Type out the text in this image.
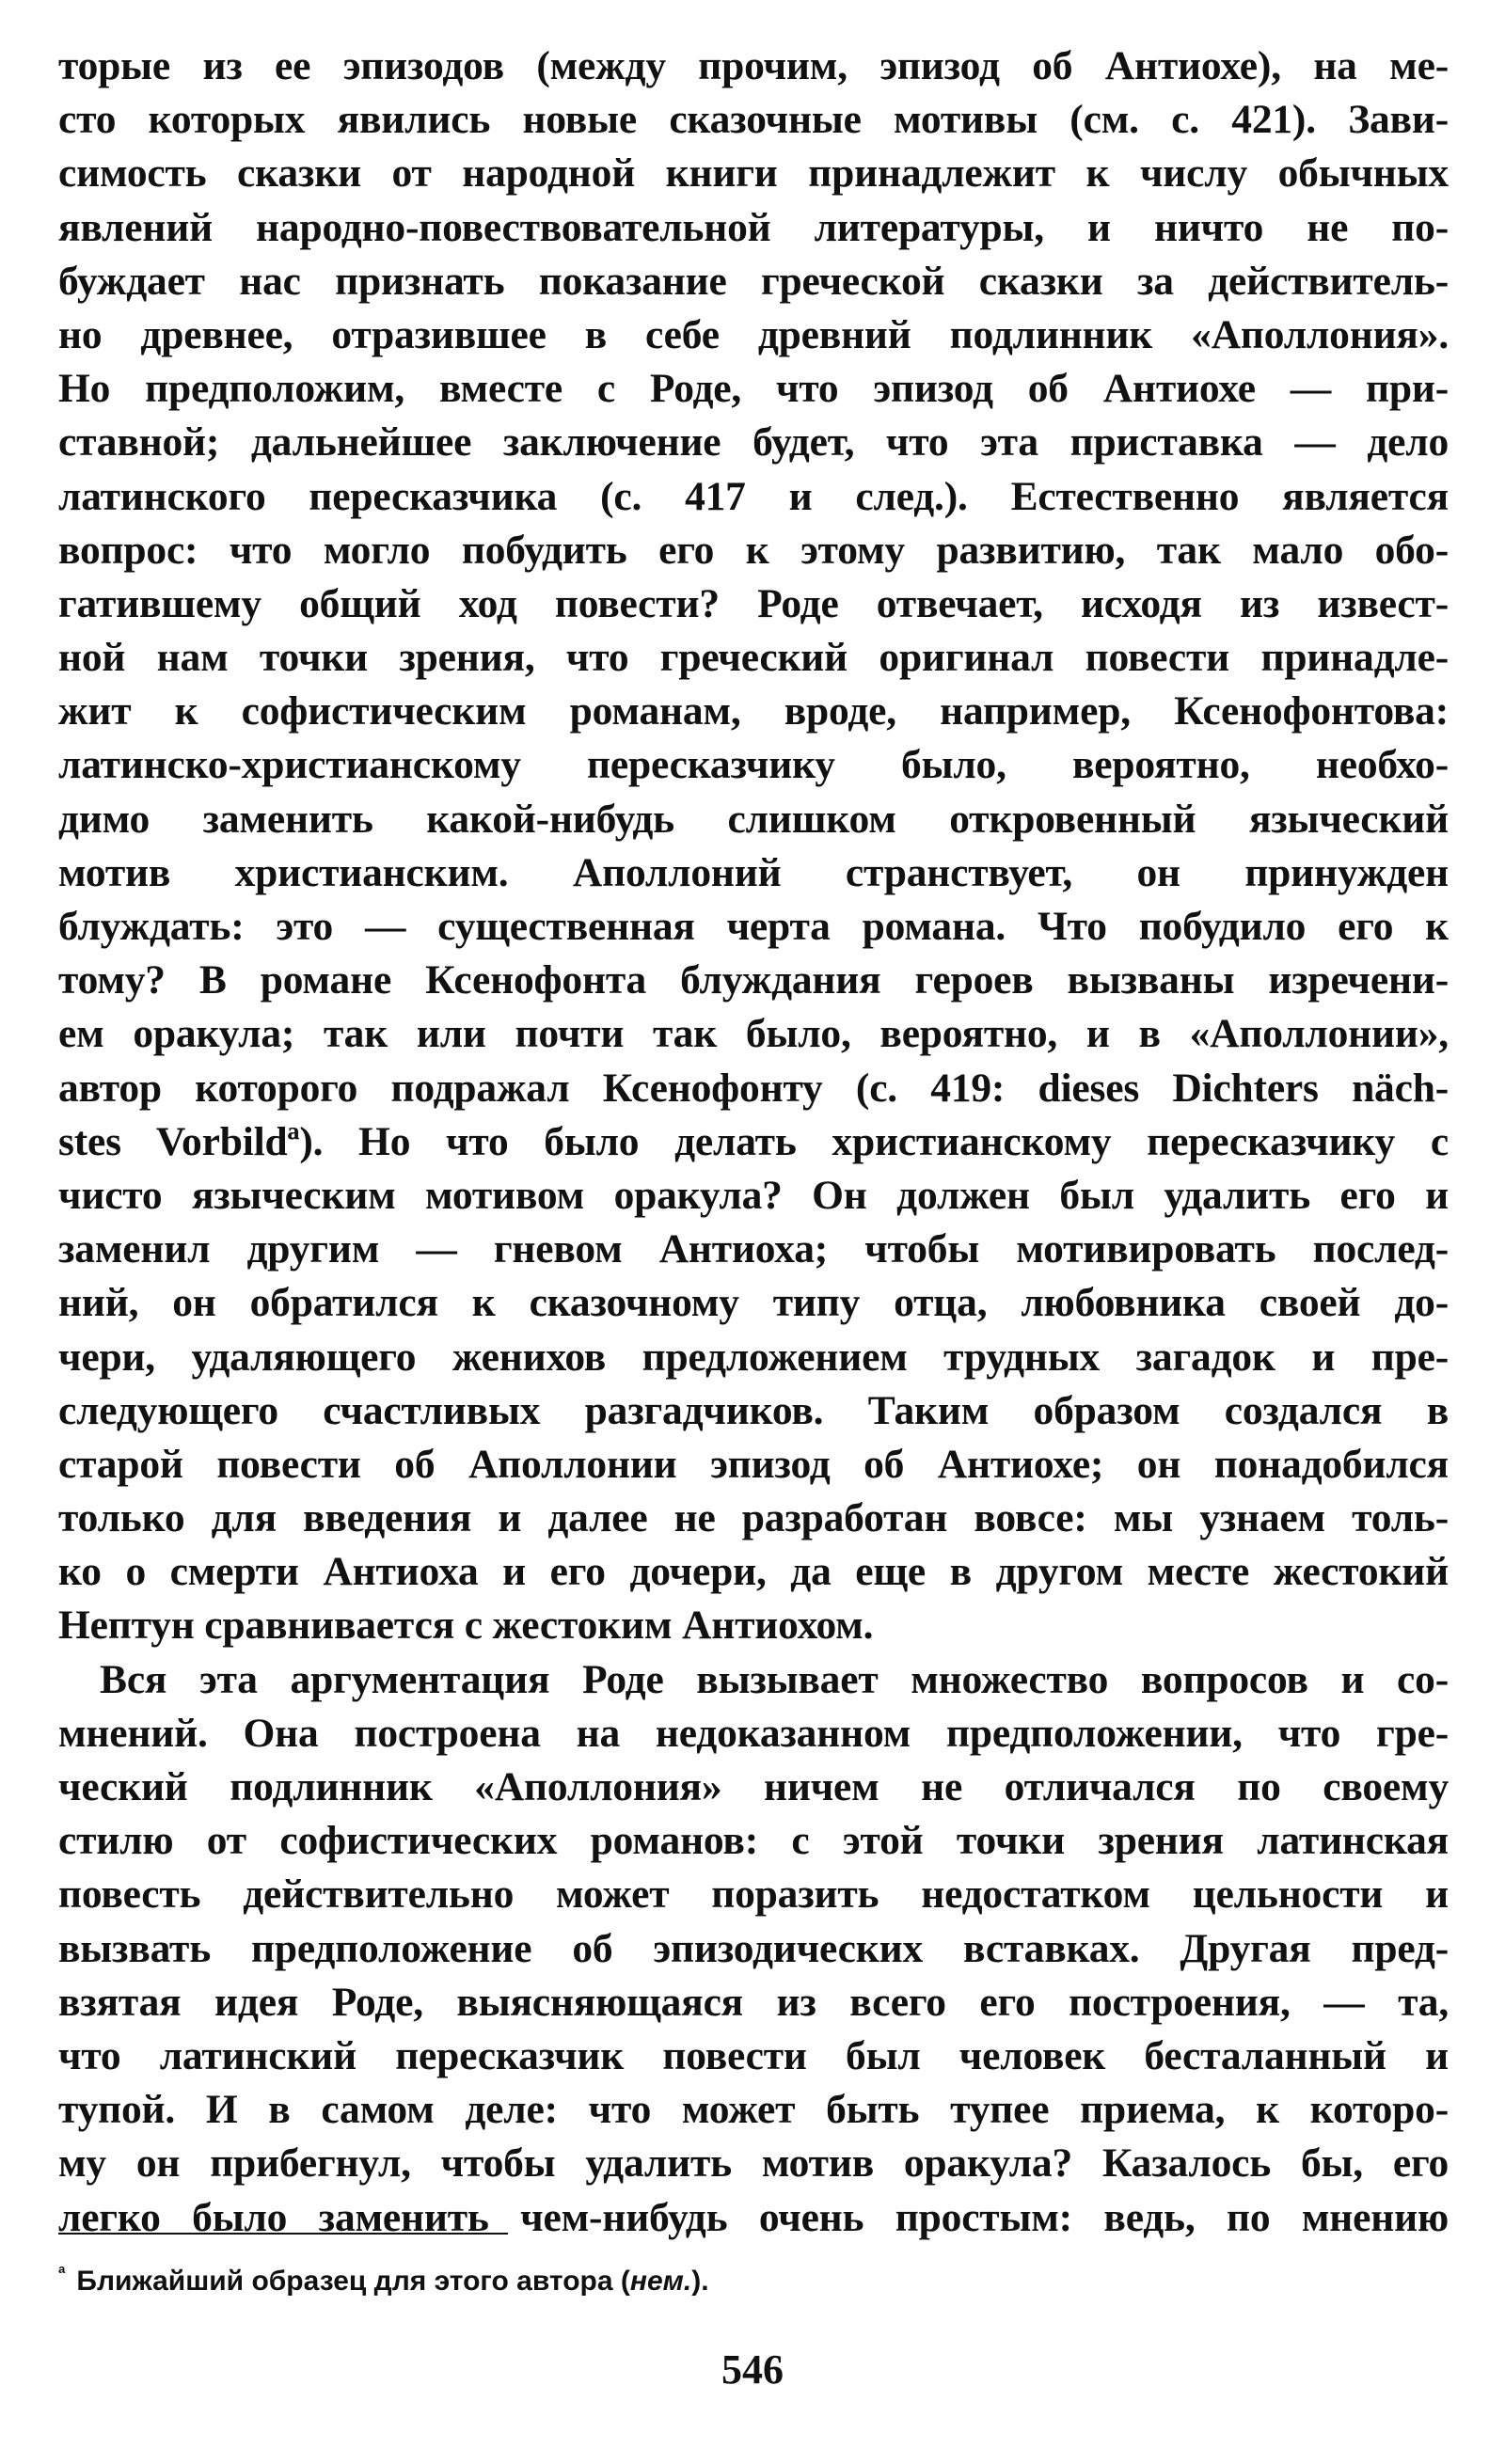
торые из ее эпизодов (между прочим, эпизод об Антиохе), на ме-
сто которых явились новые сказочные мотивы (см. с. 421). Зави-
симость сказки от народной книги принадлежит к числу обычных
явлений народно-повествовательной литературы, и ничто не по-
буждает нас признать показание греческой сказки за действитель-
но древнее, отразившее в себе древний подлинник «Аполлония».
Но предположим, вместе с Роде, что эпизод об Антиохе — при-
ставной; дальнейшее заключение будет, что эта приставка — дело
латинского пересказчика (с. 417 и след.). Естественно является
вопрос: что могло побудить его к этому развитию, так мало обо-
гатившему общий ход повести? Роде отвечает, исходя из извест-
ной нам точки зрения, что греческий оригинал повести принадле-
жит к софистическим романам, вроде, например, Ксенофонтова:
латинско-христианскому пересказчику было, вероятно, необхо-
димо заменить какой-нибудь слишком откровенный языческий
мотив христианским. Аполлоний странствует, он принужден
блуждать: это — существенная черта романа. Что побудило его к
тому? В романе Ксенофонта блуждания героев вызваны изречени-
ем оракула; так или почти так было, вероятно, и в «Аполлонии»,
автор которого подражал Ксенофонту (с. 419: dieses Dichters näch-
stes Vorbildª). Но что было делать христианскому пересказчику с
чисто языческим мотивом оракула? Он должен был удалить его и
заменил другим — гневом Антиоха; чтобы мотивировать послед-
ний, он обратился к сказочному типу отца, любовника своей до-
чери, удаляющего женихов предложением трудных загадок и пре-
следующего счастливых разгадчиков. Таким образом создался в
старой повести об Аполлонии эпизод об Антиохе; он понадобился
только для введения и далее не разработан вовсе: мы узнаем толь-
ко о смерти Антиоха и его дочери, да еще в другом месте жестокий
Нептун сравнивается с жестоким Антиохом.
Вся эта аргументация Роде вызывает множество вопросов и со-
мнений. Она построена на недоказанном предположении, что гре-
ческий подлинник «Аполлония» ничем не отличался по своему
стилю от софистических романов: с этой точки зрения латинская
повесть действительно может поразить недостатком цельности и
вызвать предположение об эпизодических вставках. Другая пред-
взятая идея Роде, выясняющаяся из всего его построения, — та,
что латинский пересказчик повести был человек бесталанный и
тупой. И в самом деле: что может быть тупее приема, к которо-
му он прибегнул, чтобы удалить мотив оракула? Казалось бы, его
легко было заменить чем-нибудь очень простым: ведь, по мнению
$^ª$ Ближайший образец для этого автора (нем.).
546
